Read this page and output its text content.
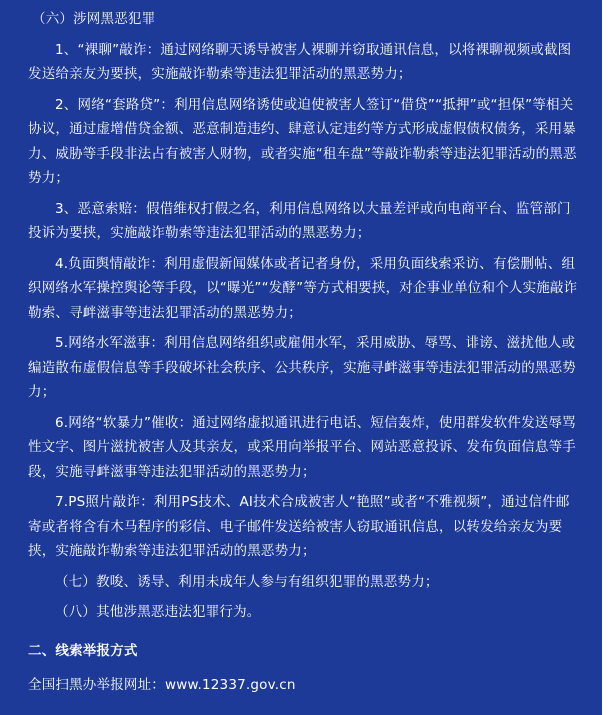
（六）涉网黑恶犯罪

1、“裸聊”敲诈：通过网络聊天诱导被害人裸聊并窃取通讯信息，以将裸聊视频或截图发送给亲友为要挟，实施敲诈勒索等违法犯罪活动的黑恶势力；

2、网络“套路贷”：利用信息网络诱使或迫使被害人签订“借贷”“抵押”或“担保”等相关协议，通过虚增借贷金额、恶意制造违约、肆意认定违约等方式形成虚假债权债务，采用暴力、威胁等手段非法占有被害人财物，或者实施“租车盘”等敲诈勒索等违法犯罪活动的黑恶势力；

3、恶意索赔：假借维权打假之名，利用信息网络以大量差评或向电商平台、监管部门投诉为要挟，实施敲诈勒索等违法犯罪活动的黑恶势力；

4.负面舆情敲诈：利用虚假新闻媒体或者记者身份，采用负面线索采访、有偿删帖、组织网络水军操控舆论等手段，以“曝光”“发酵”等方式相要挟，对企事业单位和个人实施敲诈勒索、寻衅滋事等违法犯罪活动的黑恶势力；

5.网络水军滋事：利用信息网络组织或雇佣水军，采用威胁、辱骂、诽谤、滋扰他人或编造散布虚假信息等手段破坏社会秩序、公共秩序，实施寻衅滋事等违法犯罪活动的黑恶势力；

6.网络“软暴力”催收：通过网络虚拟通讯进行电话、短信轰炸，使用群发软件发送辱骂性文字、图片滋扰被害人及其亲友，或采用向举报平台、网站恶意投诉、发布负面信息等手段，实施寻衅滋事等违法犯罪活动的黑恶势力；

7.PS照片敲诈：利用PS技术、AI技术合成被害人“艳照”或者“不雅视频”，通过信件邮寄或者将含有木马程序的彩信、电子邮件发送给被害人窃取通讯信息，以转发给亲友为要挟，实施敲诈勒索等违法犯罪活动的黑恶势力；

（七）教唆、诱导、利用未成年人参与有组织犯罪的黑恶势力；

（八）其他涉黑恶违法犯罪行为。

二、线索举报方式

全国扫黑办举报网址：www.12337.gov.cn
